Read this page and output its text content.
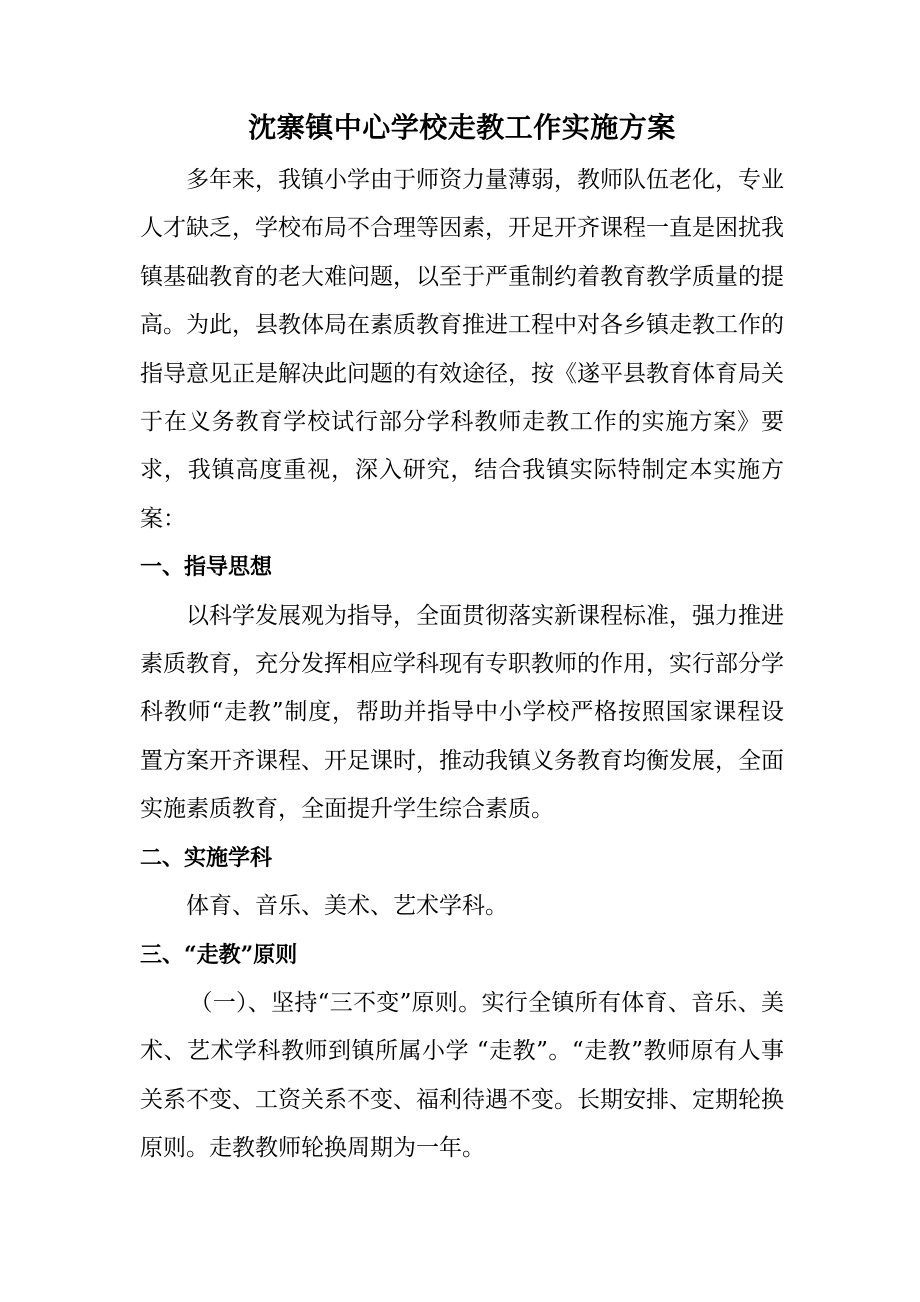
沈寨镇中心学校走教工作实施方案

多年来，我镇小学由于师资力量薄弱，教师队伍老化，专业人才缺乏，学校布局不合理等因素，开足开齐课程一直是困扰我镇基础教育的老大难问题，以至于严重制约着教育教学质量的提高。为此，县教体局在素质教育推进工程中对各乡镇走教工作的指导意见正是解决此问题的有效途径，按《遂平县教育体育局关于在义务教育学校试行部分学科教师走教工作的实施方案》要求，我镇高度重视，深入研究，结合我镇实际特制定本实施方案：

一、指导思想

以科学发展观为指导，全面贯彻落实新课程标准，强力推进素质教育，充分发挥相应学科现有专职教师的作用，实行部分学科教师“走教”制度，帮助并指导中小学校严格按照国家课程设置方案开齐课程、开足课时，推动我镇义务教育均衡发展，全面实施素质教育，全面提升学生综合素质。

二、实施学科

体育、音乐、美术、艺术学科。

三、“走教”原则

（一）、坚持“三不变”原则。实行全镇所有体育、音乐、美术、艺术学科教师到镇所属小学 “走教”。“走教”教师原有人事关系不变、工资关系不变、福利待遇不变。长期安排、定期轮换原则。走教教师轮换周期为一年。
